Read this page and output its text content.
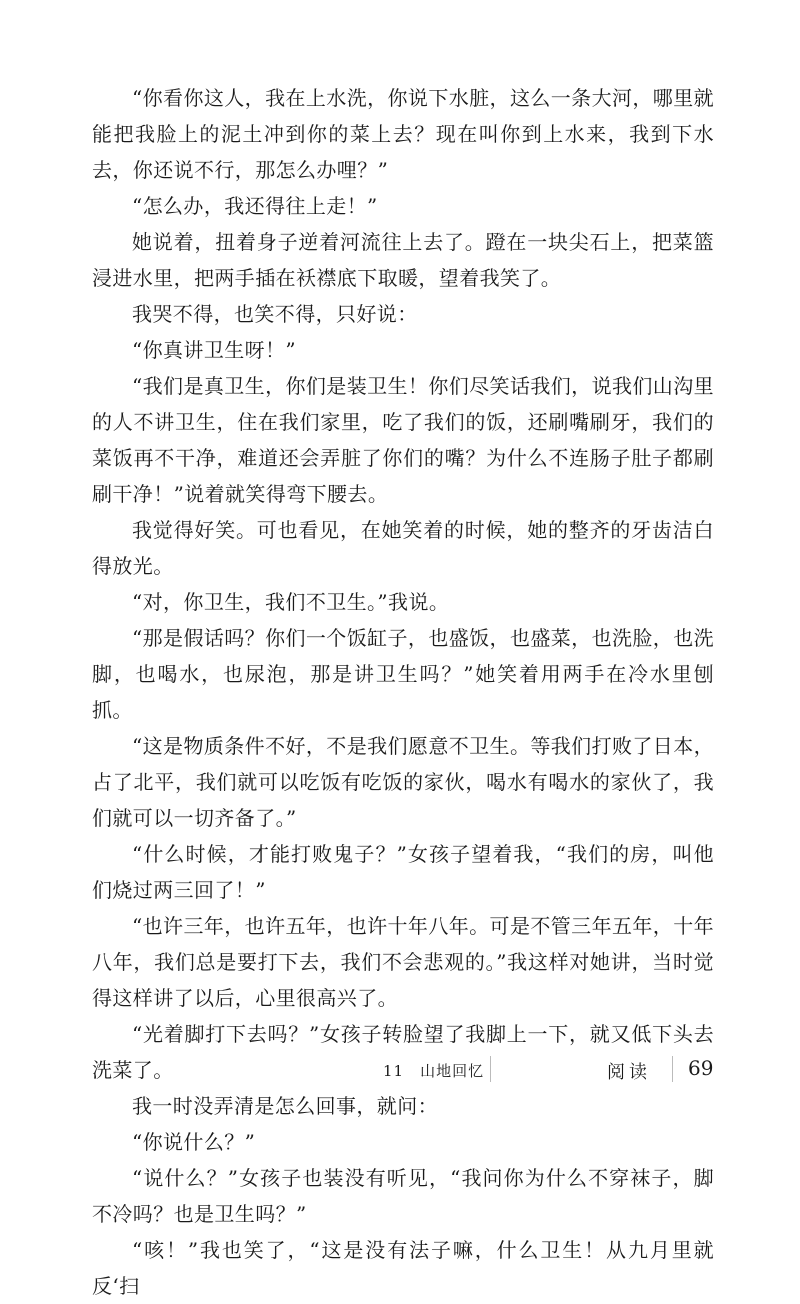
“你看你这人，我在上水洗，你说下水脏，这么一条大河，哪里就能把我脸上的泥土冲到你的菜上去？现在叫你到上水来，我到下水去，你还说不行，那怎么办哩？”

“怎么办，我还得往上走！”

她说着，扭着身子逆着河流往上去了。蹬在一块尖石上，把菜篮浸进水里，把两手插在袄襟底下取暖，望着我笑了。

我哭不得，也笑不得，只好说：

“你真讲卫生呀！”

“我们是真卫生，你们是装卫生！你们尽笑话我们，说我们山沟里的人不讲卫生，住在我们家里，吃了我们的饭，还刷嘴刷牙，我们的菜饭再不干净，难道还会弄脏了你们的嘴？为什么不连肠子肚子都刷刷干净！”说着就笑得弯下腰去。

我觉得好笑。可也看见，在她笑着的时候，她的整齐的牙齿洁白得放光。

“对，你卫生，我们不卫生。”我说。

“那是假话吗？你们一个饭缸子，也盛饭，也盛菜，也洗脸，也洗脚，也喝水，也尿泡，那是讲卫生吗？”她笑着用两手在冷水里刨抓。

“这是物质条件不好，不是我们愿意不卫生。等我们打败了日本，占了北平，我们就可以吃饭有吃饭的家伙，喝水有喝水的家伙了，我们就可以一切齐备了。”

“什么时候，才能打败鬼子？”女孩子望着我，“我们的房，叫他们烧过两三回了！”

“也许三年，也许五年，也许十年八年。可是不管三年五年，十年八年，我们总是要打下去，我们不会悲观的。”我这样对她讲，当时觉得这样讲了以后，心里很高兴了。

“光着脚打下去吗？”女孩子转脸望了我脚上一下，就又低下头去洗菜了。

我一时没弄清是怎么回事，就问：

“你说什么？”

“说什么？”女孩子也装没有听见，“我问你为什么不穿袜子，脚不冷吗？也是卫生吗？”

“咳！”我也笑了，“这是没有法子嘛，什么卫生！从九月里就反‘扫

11　山地回忆	阅读 69
